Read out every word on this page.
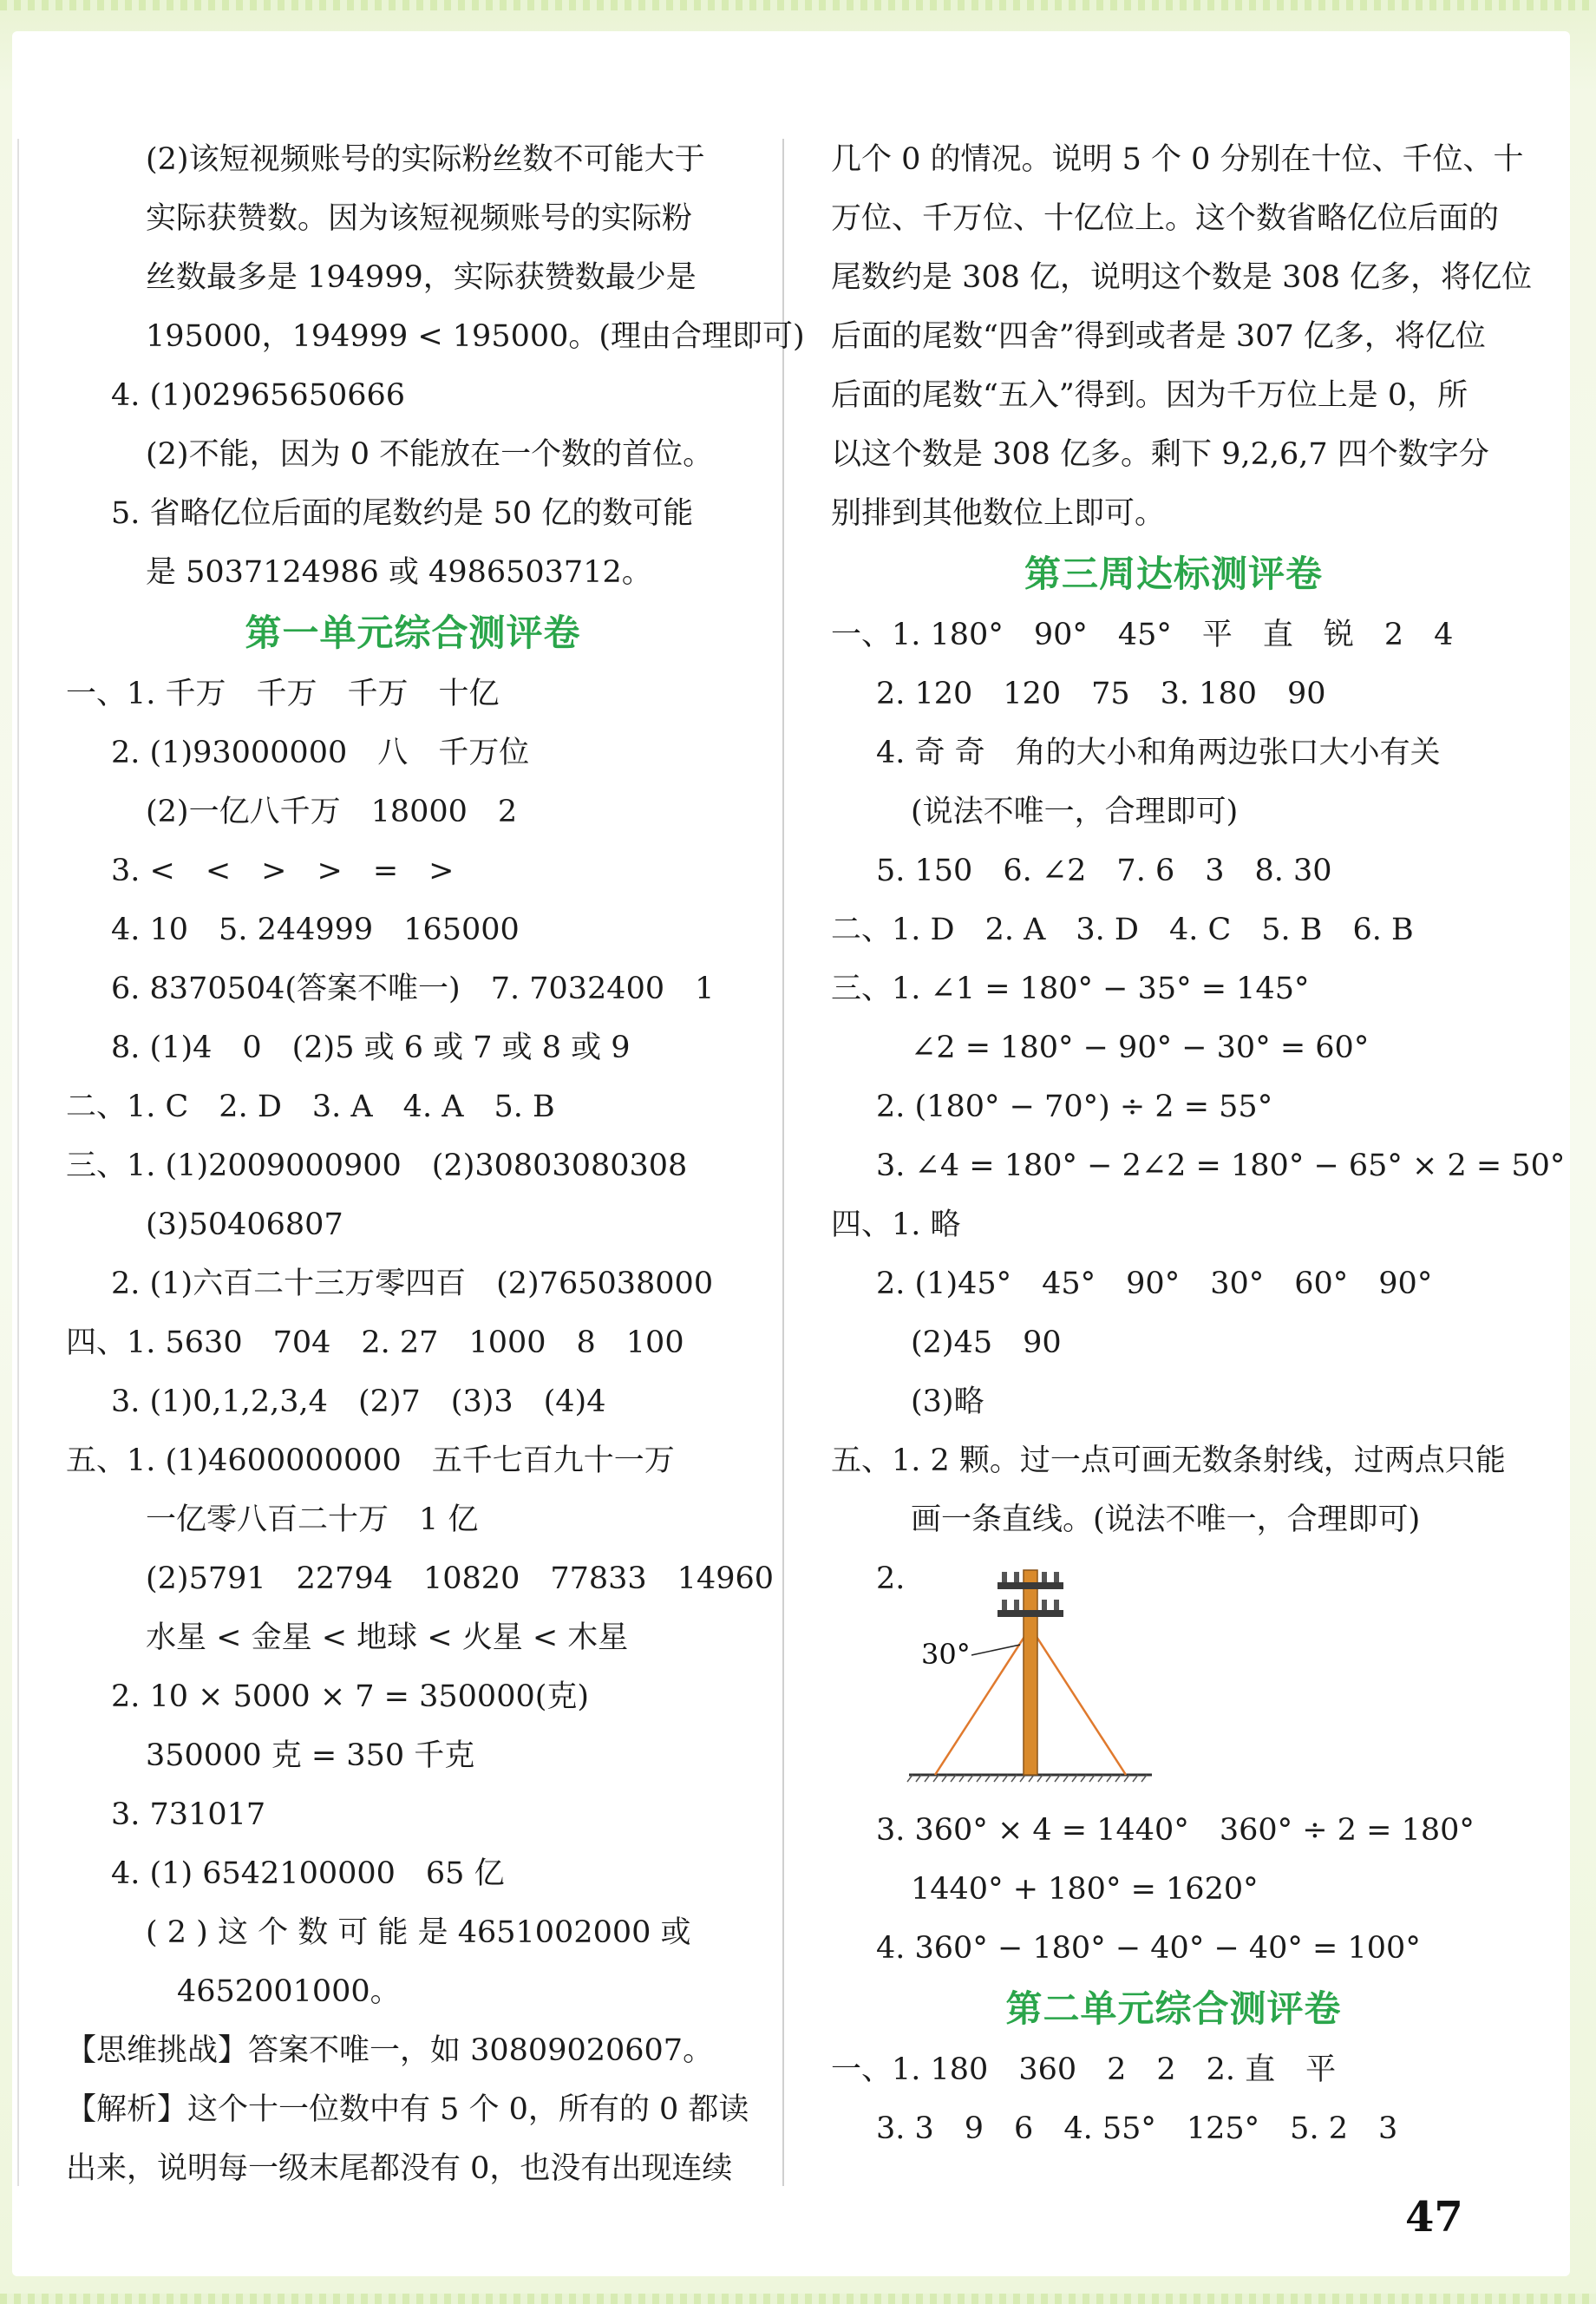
(2)该短视频账号的实际粉丝数不可能大于
实际获赞数。因为该短视频账号的实际粉
丝数最多是 194999，实际获赞数最少是
195000，194999 < 195000。(理由合理即可)
4. (1)02965650666
(2)不能，因为 0 不能放在一个数的首位。
5. 省略亿位后面的尾数约是 50 亿的数可能
是 5037124986 或 4986503712。
第一单元综合测评卷
一、1. 千万　千万　千万　十亿
2. (1)93000000　八　千万位
(2)一亿八千万　18000　2
3. <　<　>　>　=　>
4. 10　5. 244999　165000
6. 8370504(答案不唯一)　7. 7032400　1
8. (1)4　0　(2)5 或 6 或 7 或 8 或 9
二、1. C　2. D　3. A　4. A　5. B
三、1. (1)2009000900　(2)30803080308
(3)50406807
2. (1)六百二十三万零四百　(2)765038000
四、1. 5630　704　2. 27　1000　8　100
3. (1)0,1,2,3,4　(2)7　(3)3　(4)4
五、1. (1)4600000000　五千七百九十一万
一亿零八百二十万　1 亿
(2)5791　22794　10820　77833　14960
水星 < 金星 < 地球 < 火星 < 木星
2. 10 × 5000 × 7 = 350000(克)
350000 克 = 350 千克
3. 731017
4. (1) 6542100000　65 亿
( 2 ) 这 个 数 可 能 是 4651002000 或
4652001000。
【思维挑战】答案不唯一，如 30809020607。
【解析】这个十一位数中有 5 个 0，所有的 0 都读
出来，说明每一级末尾都没有 0，也没有出现连续
几个 0 的情况。说明 5 个 0 分别在十位、千位、十
万位、千万位、十亿位上。这个数省略亿位后面的
尾数约是 308 亿，说明这个数是 308 亿多，将亿位
后面的尾数“四舍”得到或者是 307 亿多，将亿位
后面的尾数“五入”得到。因为千万位上是 0，所
以这个数是 308 亿多。剩下 9,2,6,7 四个数字分
别排到其他数位上即可。
第三周达标测评卷
一、1. 180°　90°　45°　平　直　锐　2　4
2. 120　120　75　3. 180　90
4. 奇 奇　角的大小和角两边张口大小有关
(说法不唯一，合理即可)
5. 150　6. ∠2　7. 6　3　8. 30
二、1. D　2. A　3. D　4. C　5. B　6. B
三、1. ∠1 = 180° − 35° = 145°
∠2 = 180° − 90° − 30° = 60°
2. (180° − 70°) ÷ 2 = 55°
3. ∠4 = 180° − 2∠2 = 180° − 65° × 2 = 50°
四、1. 略
2. (1)45°　45°　90°　30°　60°　90°
(2)45　90
(3)略
五、1. 2 颗。过一点可画无数条射线，过两点只能
画一条直线。(说法不唯一，合理即可)
2.
30°
3. 360° × 4 = 1440°　360° ÷ 2 = 180°
1440° + 180° = 1620°
4. 360° − 180° − 40° − 40° = 100°
第二单元综合测评卷
一、1. 180　360　2　2　2. 直　平
3. 3　9　6　4. 55°　125°　5. 2　3
47
